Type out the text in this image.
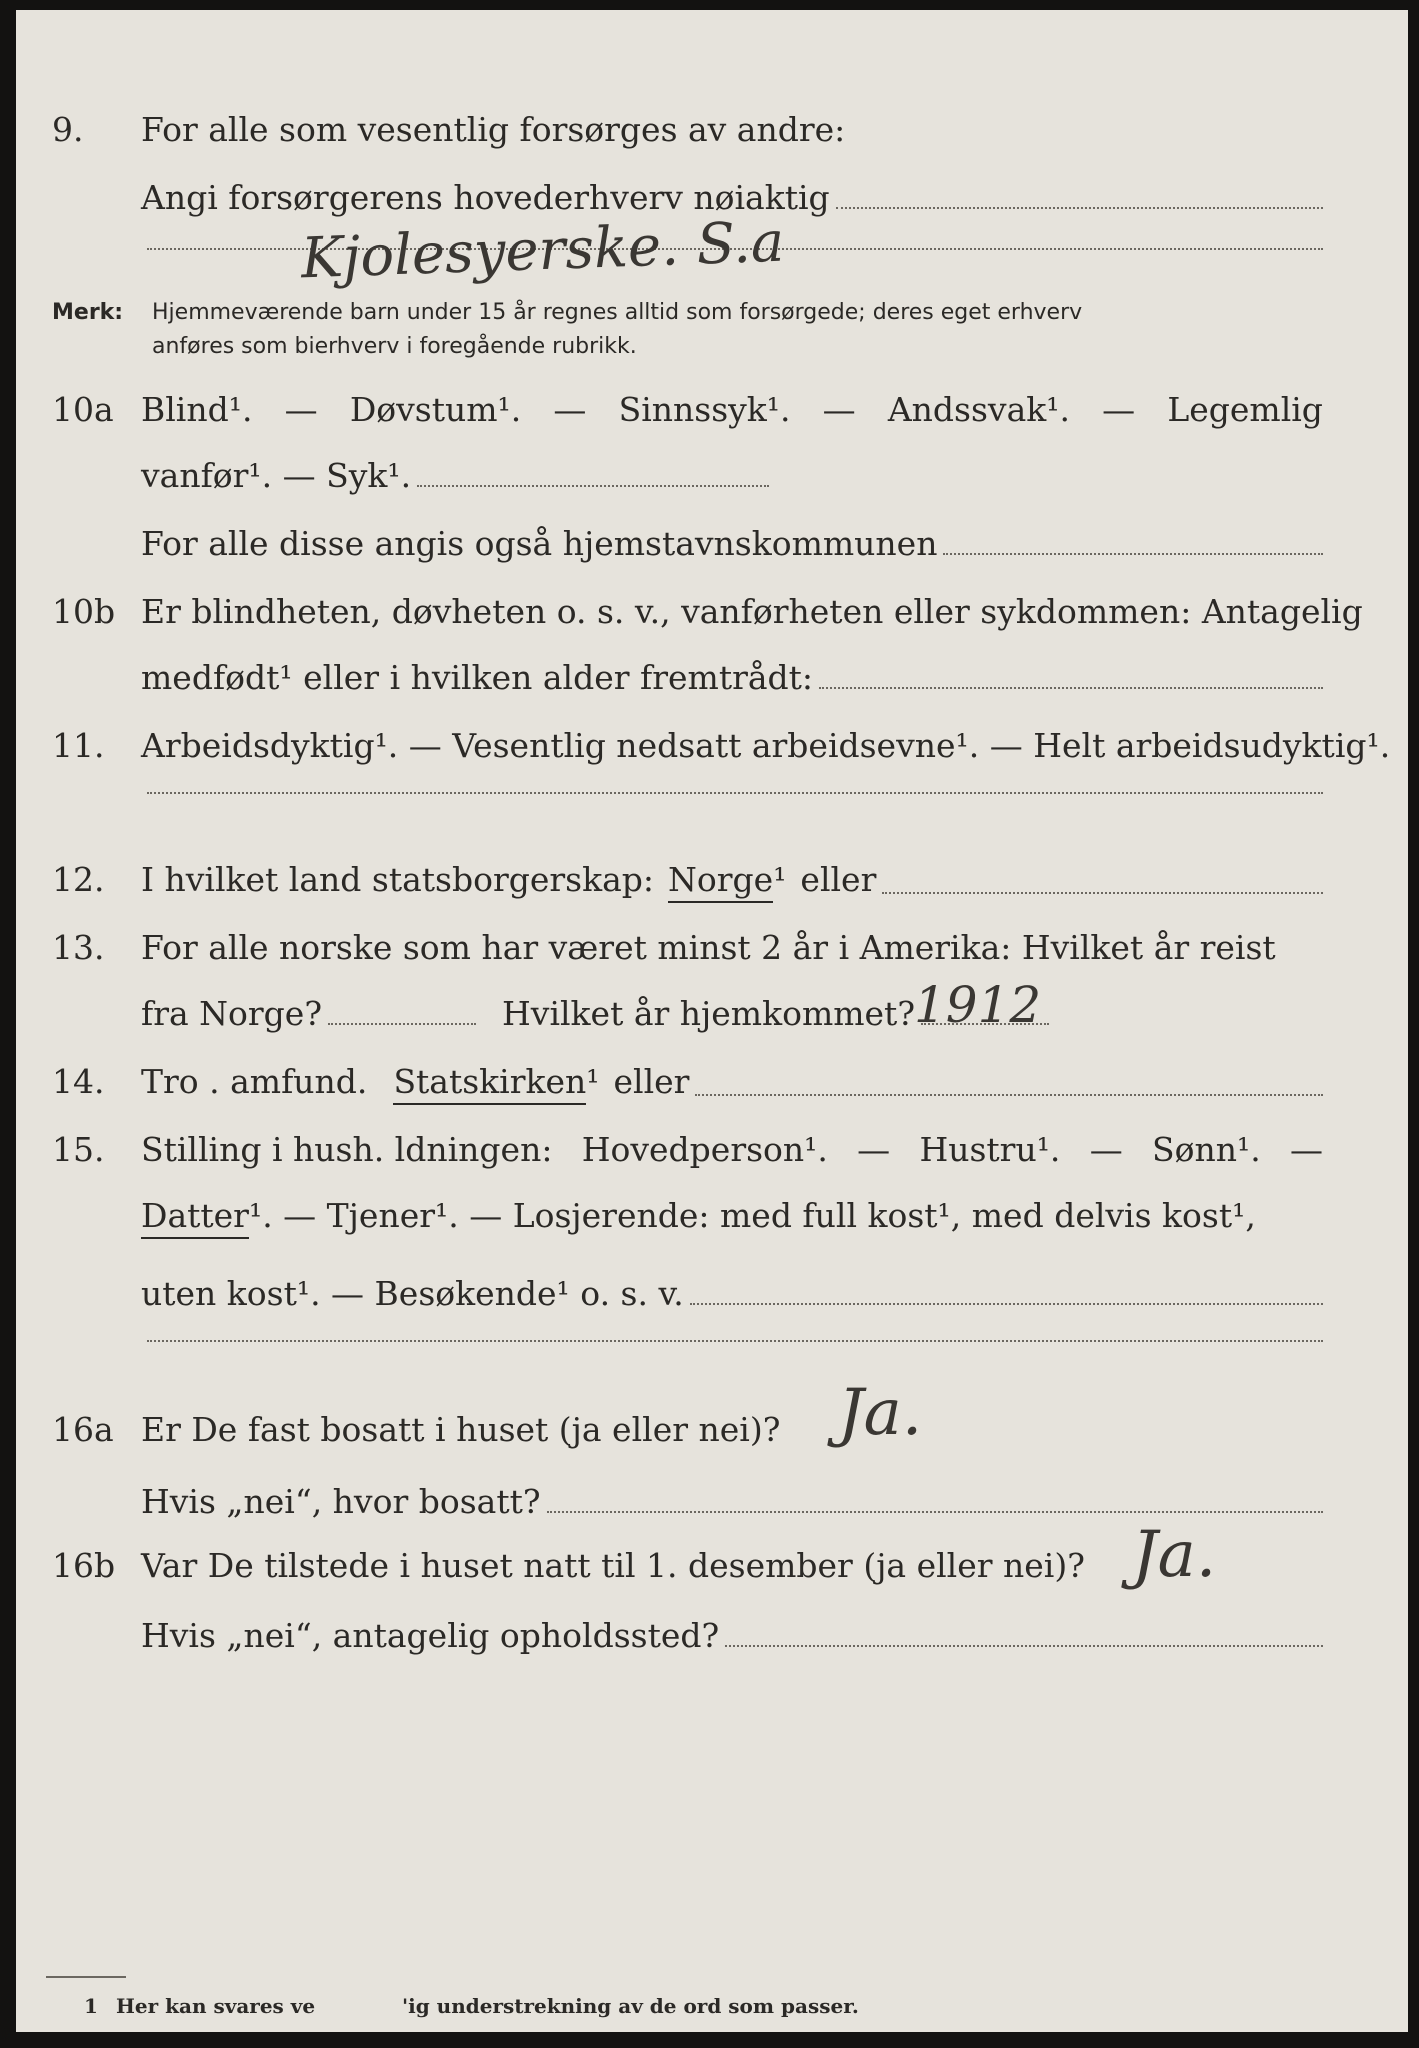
9. For alle som vesentlig forsørges av andre:
Angi forsørgerens hovederhverv nøiaktig
Kjolesyerske. S.a
Merk: Hjemmeværende barn under 15 år regnes alltid som forsørgede; deres eget erhverv
anføres som bierhverv i foregående rubrikk.
10a Blind¹. — Døvstum¹. — Sinnssyk¹. — Andssvak¹. — Legemlig
vanfør¹. — Syk¹.
For alle disse angis også hjemstavnskommunen
10b Er blindheten, døvheten o. s. v., vanførheten eller sykdommen: Antagelig
medfødt¹ eller i hvilken alder fremtrådt:
11. Arbeidsdyktig¹. — Vesentlig nedsatt arbeidsevne¹. — Helt arbeidsudyktig¹.
12. I hvilket land statsborgerskap: Norge ¹ eller
13. For alle norske som har været minst 2 år i Amerika: Hvilket år reist
fra Norge?	Hvilket år hjemkommet?
1912
14. Tro . amfund. Statskirken ¹ eller
15. Stilling i hush. ldningen: Hovedperson¹. — Hustru¹. — Sønn¹. —
Datter ¹ . — Tjener¹. — Losjerende: med full kost¹, med delvis kost¹,
uten kost¹. — Besøkende¹ o. s. v.
16a Er De fast bosatt i huset (ja eller nei)? Ja.
Hvis „nei“, hvor bosatt?
16b Var De tilstede i huset natt til 1. desember (ja eller nei)? Ja.
Hvis „nei“, antagelig opholdssted?
1 Her kan svares ve	'ig understrekning av de ord som passer.
